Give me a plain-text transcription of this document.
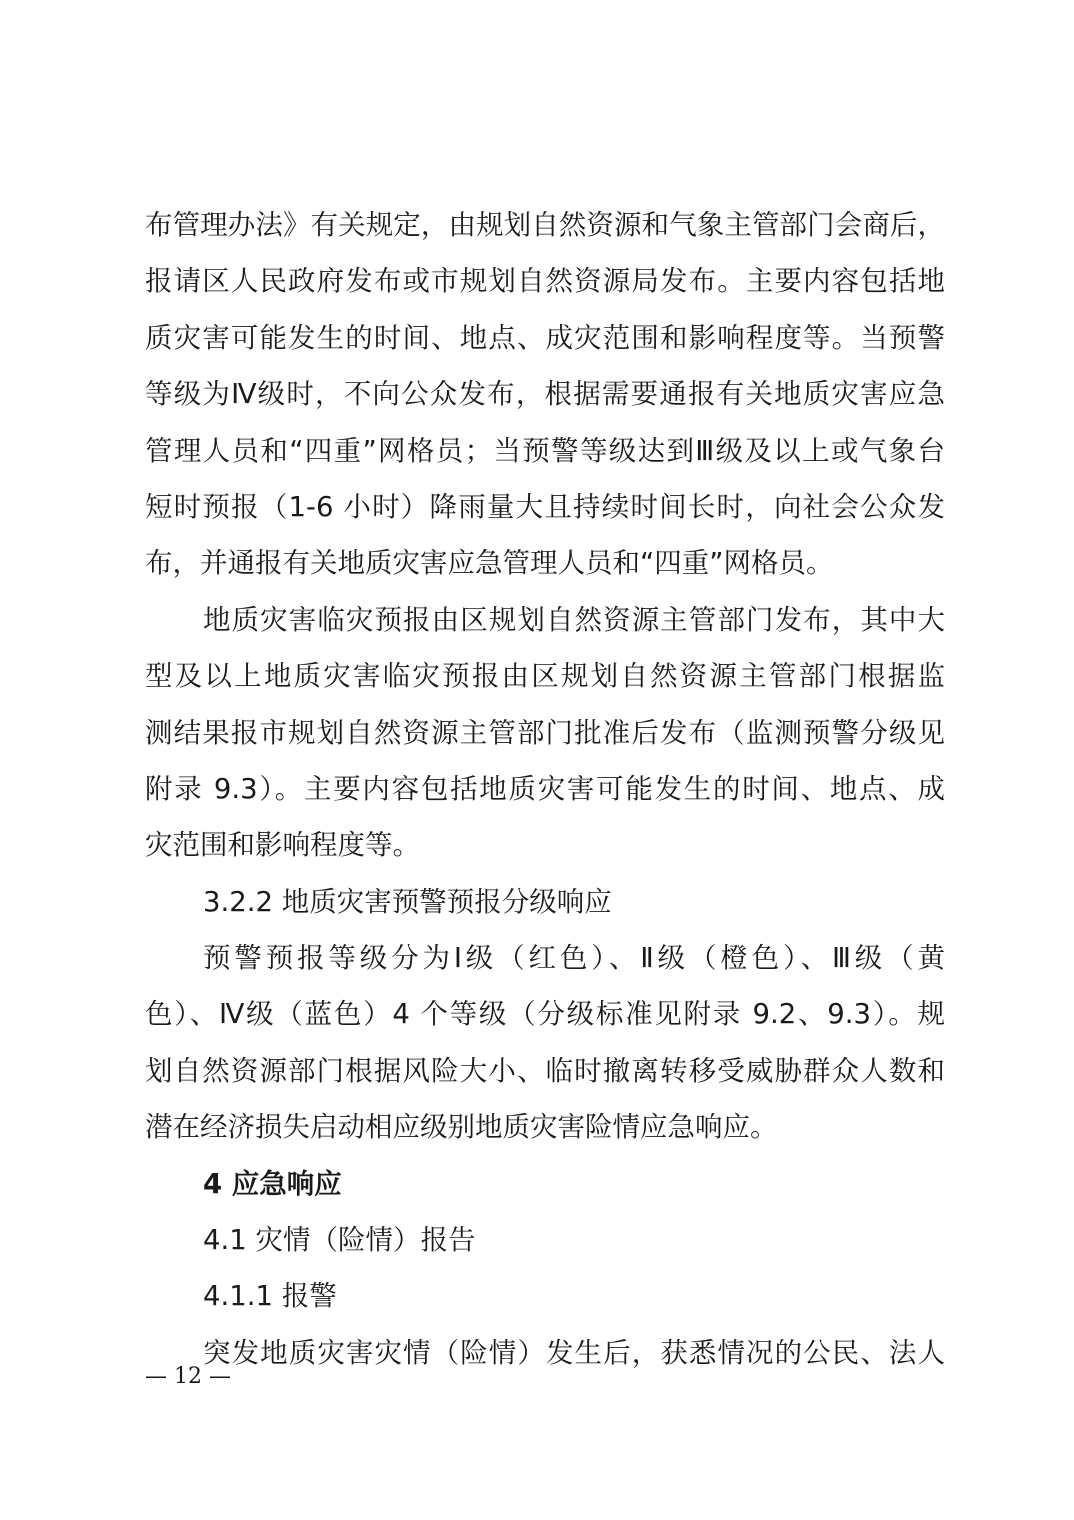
布管理办法》有关规定，由规划自然资源和气象主管部门会商后，
报请区人民政府发布或市规划自然资源局发布。主要内容包括地
质灾害可能发生的时间、地点、成灾范围和影响程度等。当预警
等级为Ⅳ级时，不向公众发布，根据需要通报有关地质灾害应急
管理人员和“四重”网格员；当预警等级达到Ⅲ级及以上或气象台
短时预报（1-6 小时）降雨量大且持续时间长时，向社会公众发
布，并通报有关地质灾害应急管理人员和“四重”网格员。
地质灾害临灾预报由区规划自然资源主管部门发布，其中大
型及以上地质灾害临灾预报由区规划自然资源主管部门根据监
测结果报市规划自然资源主管部门批准后发布（监测预警分级见
附录 9.3）。主要内容包括地质灾害可能发生的时间、地点、成
灾范围和影响程度等。
3.2.2 地质灾害预警预报分级响应
预警预报等级分为Ⅰ级（红色）、Ⅱ级（橙色）、Ⅲ级（黄
色）、Ⅳ级（蓝色）4 个等级（分级标准见附录 9.2、9.3）。规
划自然资源部门根据风险大小、临时撤离转移受威胁群众人数和
潜在经济损失启动相应级别地质灾害险情应急响应。
4 应急响应
4.1 灾情（险情）报告
4.1.1 报警
突发地质灾害灾情（险情）发生后，获悉情况的公民、法人
— 12 —
